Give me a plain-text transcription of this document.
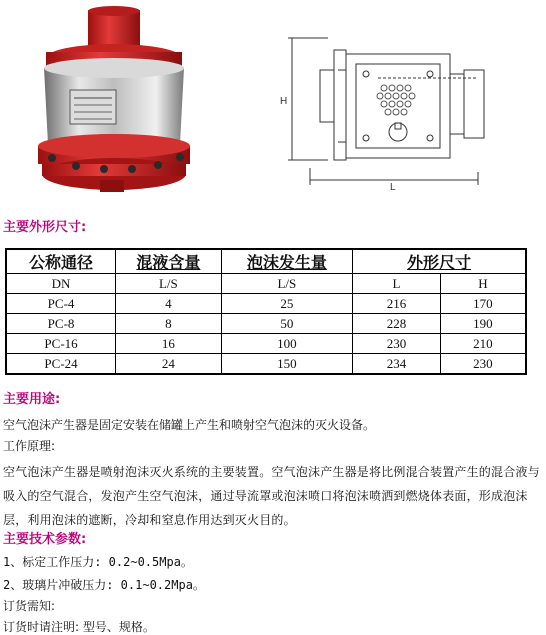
H
L
主要外形尺寸:
公称通径	混液含量	泡沫发生量	外形尺寸	
DN	L/S	L/S	L	H
PC-4	4	25	216	170
PC-8	8	50	228	190
PC-16	16	100	230	210
PC-24	24	150	234	230
主要用途:
空气泡沫产生器是固定安装在储罐上产生和喷射空气泡沫的灭火设备。
工作原理:
空气泡沫产生器是喷射泡沫灭火系统的主要装置。空气泡沫产生器是将比例混合装置产生的混合液与吸入的空气混合，发泡产生空气泡沫，通过导流罩或泡沫喷口将泡沫喷洒到燃烧体表面，形成泡沫层，利用泡沫的遮断，冷却和窒息作用达到灭火目的。
主要技术参数:
1、标定工作压力: 0.2~0.5Mpa。
2、玻璃片冲破压力: 0.1~0.2Mpa。
订货需知:
订货时请注明: 型号、规格。
